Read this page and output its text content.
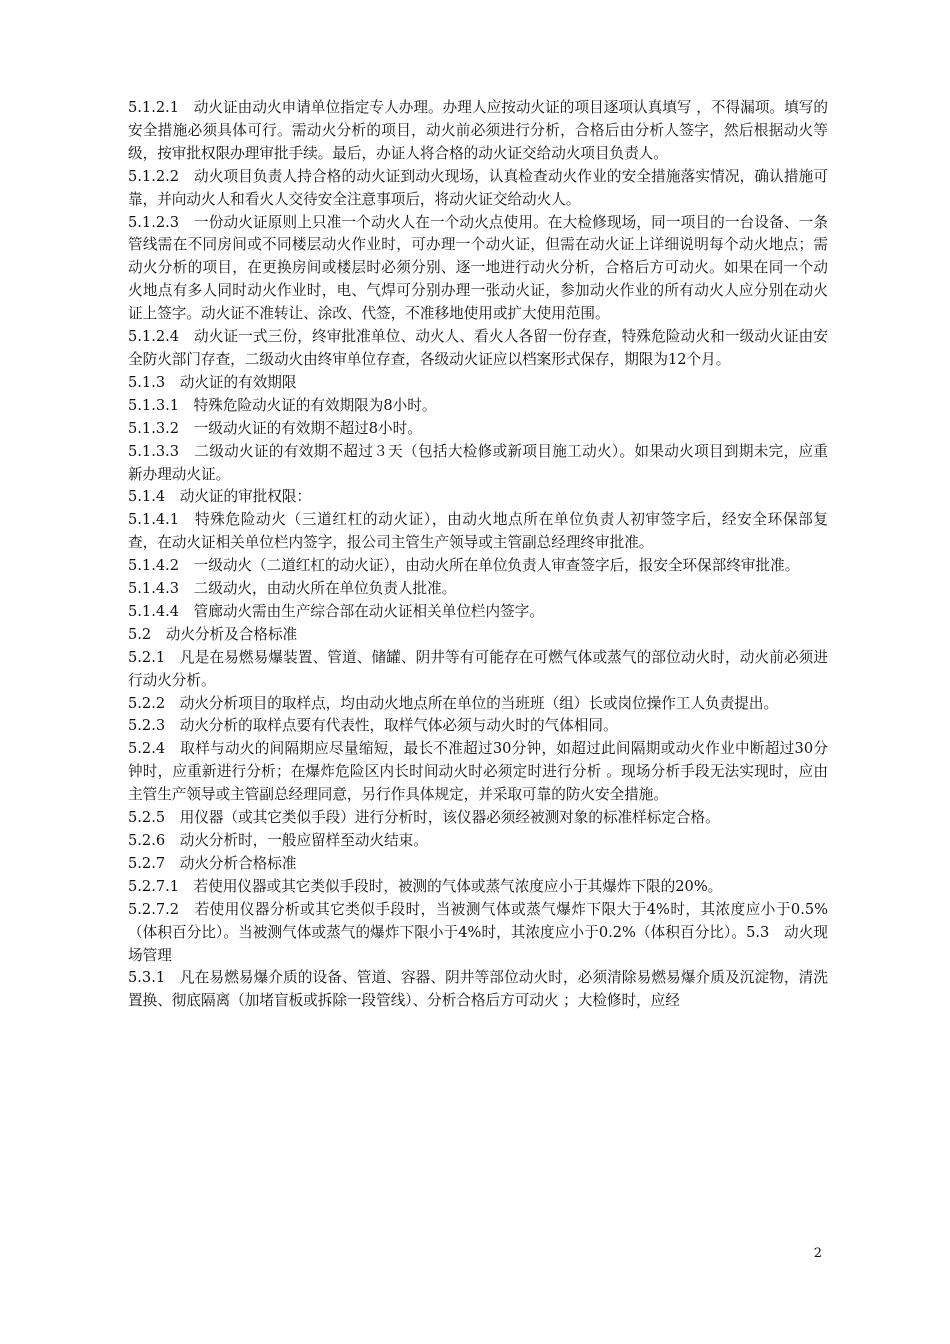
5.1.2.1　动火证由动火申请单位指定专人办理。办理人应按动火证的项目逐项认真填写 ，不得漏项。填写的安全措施必须具体可行。需动火分析的项目，动火前必须进行分析，合格后由分析人签字，然后根据动火等级，按审批权限办理审批手续。最后，办证人将合格的动火证交给动火项目负责人。

5.1.2.2　动火项目负责人持合格的动火证到动火现场，认真检查动火作业的安全措施落实情况，确认措施可靠，并向动火人和看火人交待安全注意事项后，将动火证交给动火人。

5.1.2.3　一份动火证原则上只准一个动火人在一个动火点使用。在大检修现场，同一项目的一台设备、一条管线需在不同房间或不同楼层动火作业时，可办理一个动火证，但需在动火证上详细说明每个动火地点；需动火分析的项目，在更换房间或楼层时必须分别、逐一地进行动火分析，合格后方可动火。如果在同一个动火地点有多人同时动火作业时，电、气焊可分别办理一张动火证，参加动火作业的所有动火人应分别在动火证上签字。动火证不准转让、涂改、代签，不准移地使用或扩大使用范围。

5.1.2.4　动火证一式三份，终审批准单位、动火人、看火人各留一份存查，特殊危险动火和一级动火证由安全防火部门存查，二级动火由终审单位存查，各级动火证应以档案形式保存，期限为12个月。

5.1.3　动火证的有效期限

5.1.3.1　特殊危险动火证的有效期限为8小时。

5.1.3.2　一级动火证的有效期不超过8小时。

5.1.3.3　二级动火证的有效期不超过３天（包括大检修或新项目施工动火）。如果动火项目到期未完，应重新办理动火证。

5.1.4　动火证的审批权限：

5.1.4.1　特殊危险动火（三道红杠的动火证），由动火地点所在单位负责人初审签字后，经安全环保部复查，在动火证相关单位栏内签字，报公司主管生产领导或主管副总经理终审批准。

5.1.4.2　一级动火（二道红杠的动火证），由动火所在单位负责人审查签字后，报安全环保部终审批准。

5.1.4.3　二级动火，由动火所在单位负责人批准。

5.1.4.4　管廊动火需由生产综合部在动火证相关单位栏内签字。

5.2　动火分析及合格标准

5.2.1　凡是在易燃易爆装置、管道、储罐、阴井等有可能存在可燃气体或蒸气的部位动火时，动火前必须进行动火分析。

5.2.2　动火分析项目的取样点，均由动火地点所在单位的当班班（组）长或岗位操作工人负责提出。

5.2.3　动火分析的取样点要有代表性，取样气体必须与动火时的气体相同。

5.2.4　取样与动火的间隔期应尽量缩短，最长不准超过30分钟，如超过此间隔期或动火作业中断超过30分钟时，应重新进行分析；在爆炸危险区内长时间动火时必须定时进行分析 。现场分析手段无法实现时，应由主管生产领导或主管副总经理同意，另行作具体规定，并采取可靠的防火安全措施。

5.2.5　用仪器（或其它类似手段）进行分析时，该仪器必须经被测对象的标准样标定合格。

5.2.6　动火分析时，一般应留样至动火结束。

5.2.7　动火分析合格标准

5.2.7.1　若使用仪器或其它类似手段时，被测的气体或蒸气浓度应小于其爆炸下限的20%。

5.2.7.2　若使用仪器分析或其它类似手段时，当被测气体或蒸气爆炸下限大于4%时，其浓度应小于0.5%（体积百分比）。当被测气体或蒸气的爆炸下限小于4%时，其浓度应小于0.2%（体积百分比）。5.3　动火现场管理

5.3.1　凡在易燃易爆介质的设备、管道、容器、阴井等部位动火时，必须清除易燃易爆介质及沉淀物，清洗置换、彻底隔离（加堵盲板或拆除一段管线）、分析合格后方可动火 ；大检修时，应经

2
